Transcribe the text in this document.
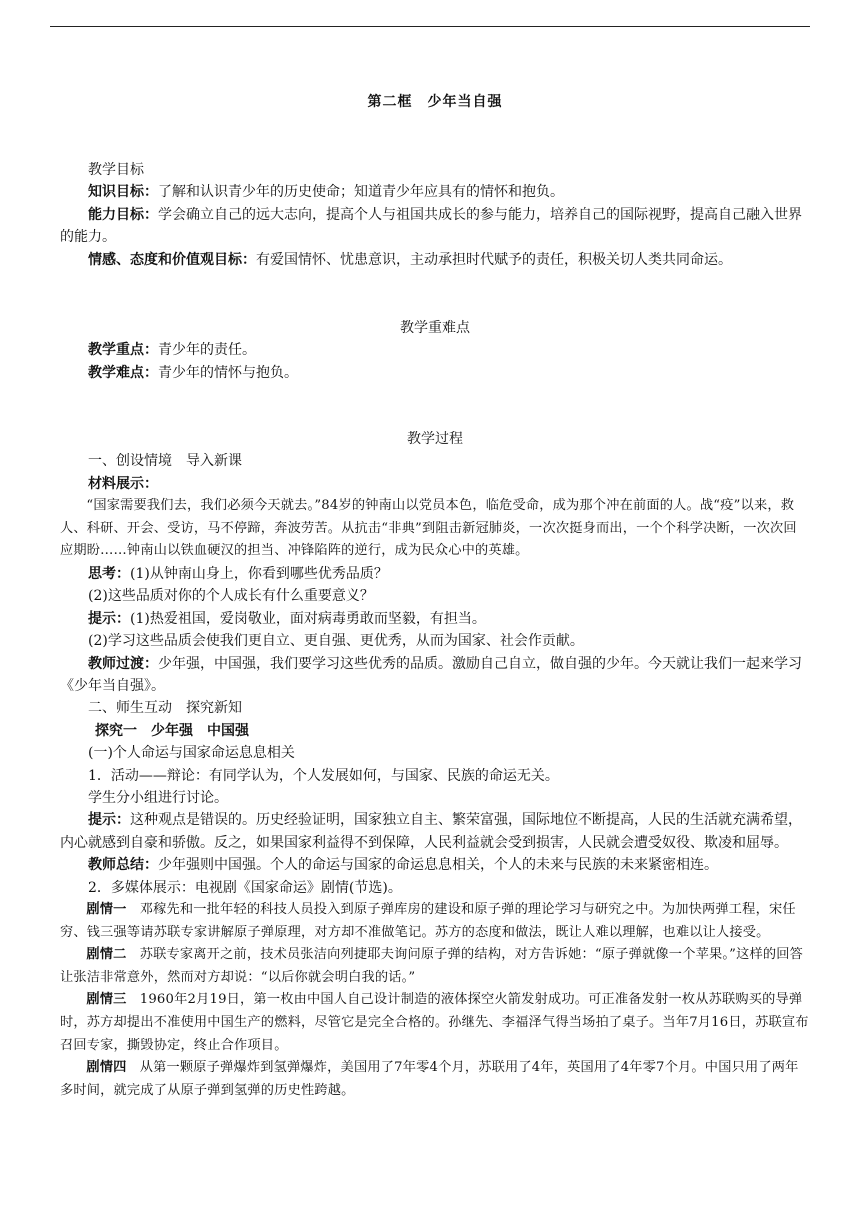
第二框　少年当自强

教学目标

知识目标：了解和认识青少年的历史使命；知道青少年应具有的情怀和抱负。

能力目标：学会确立自己的远大志向，提高个人与祖国共成长的参与能力，培养自己的国际视野，提高自己融入世界的能力。

情感、态度和价值观目标：有爱国情怀、忧患意识，主动承担时代赋予的责任，积极关切人类共同命运。

教学重难点

教学重点：青少年的责任。

教学难点：青少年的情怀与抱负。

教学过程

一、创设情境　导入新课

材料展示：

“国家需要我们去，我们必须今天就去。”84岁的钟南山以党员本色，临危受命，成为那个冲在前面的人。战“疫”以来，救人、科研、开会、受访，马不停蹄，奔波劳苦。从抗击“非典”到阻击新冠肺炎，一次次挺身而出，一个个科学决断，一次次回应期盼……钟南山以铁血硬汉的担当、冲锋陷阵的逆行，成为民众心中的英雄。

思考：(1)从钟南山身上，你看到哪些优秀品质？

(2)这些品质对你的个人成长有什么重要意义？

提示：(1)热爱祖国，爱岗敬业，面对病毒勇敢而坚毅，有担当。

(2)学习这些品质会使我们更自立、更自强、更优秀，从而为国家、社会作贡献。

教师过渡：少年强，中国强，我们要学习这些优秀的品质。激励自己自立，做自强的少年。今天就让我们一起来学习《少年当自强》。

二、师生互动　探究新知

探究一　少年强　中国强

(一)个人命运与国家命运息息相关

1．活动——辩论：有同学认为，个人发展如何，与国家、民族的命运无关。

学生分小组进行讨论。

提示：这种观点是错误的。历史经验证明，国家独立自主、繁荣富强，国际地位不断提高，人民的生活就充满希望，内心就感到自豪和骄傲。反之，如果国家利益得不到保障，人民利益就会受到损害，人民就会遭受奴役、欺凌和屈辱。

教师总结：少年强则中国强。个人的命运与国家的命运息息相关，个人的未来与民族的未来紧密相连。

2．多媒体展示：电视剧《国家命运》剧情(节选)。

剧情一 邓稼先和一批年轻的科技人员投入到原子弹库房的建设和原子弹的理论学习与研究之中。为加快两弹工程，宋任穷、钱三强等请苏联专家讲解原子弹原理，对方却不准做笔记。苏方的态度和做法，既让人难以理解，也难以让人接受。

剧情二 苏联专家离开之前，技术员张洁向列捷耶夫询问原子弹的结构，对方告诉她：“原子弹就像一个苹果。”这样的回答让张洁非常意外，然而对方却说：“以后你就会明白我的话。”

剧情三 1960年2月19日，第一枚由中国人自己设计制造的液体探空火箭发射成功。可正准备发射一枚从苏联购买的导弹时，苏方却提出不准使用中国生产的燃料，尽管它是完全合格的。孙继先、李福泽气得当场拍了桌子。当年7月16日，苏联宣布召回专家，撕毁协定，终止合作项目。

剧情四 从第一颗原子弹爆炸到氢弹爆炸，美国用了7年零4个月，苏联用了4年，英国用了4年零7个月。中国只用了两年多时间，就完成了从原子弹到氢弹的历史性跨越。
